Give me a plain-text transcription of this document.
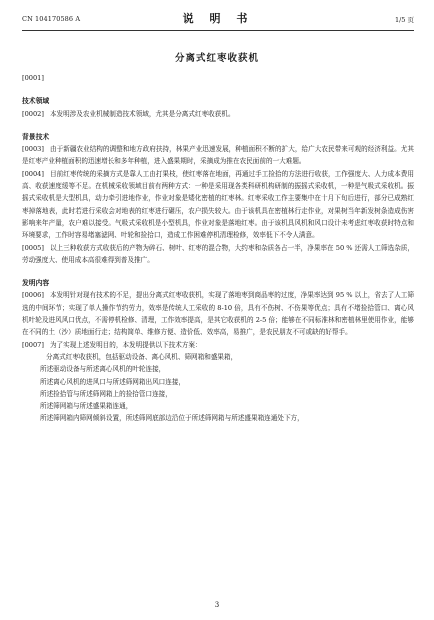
CN 104170586 A	说 明 书	1/5 页
分离式红枣收获机
[0001]
技术领域
[0002] 本发明涉及农业机械制造技术领域，尤其是分离式红枣收获机。
背景技术
[0003] 由于新疆农业结构的调整和地方政府扶持，林果产业迅速发展，种植面积不断的扩大，给广大农民带来可观的经济利益。尤其是红枣产业种植面积的迅速增长和多年种植，进入盛果期时，采摘成为推在农民面前的一大难题。
[0004] 目前红枣传统的采摘方式是靠人工由打果枝，使红枣落在地面，再通过手工捡拾的方法进行收获，工作强度大、人力成本费用高、收获速度缓等不足。在机械采收领域目前有两种方式：一种是采用现各类科研机构研制的振摇式采收机，一种是气吸式采收机。振摇式采收机是大型机具，动力牵引进地作业，作业对象是矮化密植的红枣林。红枣采收工作主要集中在十月下旬后进行，部分已成熟红枣掉落地表，此时若进行采收会对地表的红枣进行碾压，农户损失较大。由于该机具在密植林行走作业，对果树当年新发树条造成伤害影响来年产量，农户难以接受。气吸式采收机是小型机具，作业对象是落地红枣。由于该机具风机和风口设计未考虑红枣收获时特点和环境要求，工作时容易堵塞滤网、叶轮和捡拾口，造成工作困难停机清理检修，效率低下不令人满意。
[0005] 以上三种收获方式收获后的产物为碎石、树叶、红枣的混合物，大约枣和杂质各占一半，净果率在 50 % 还需人工筛选杂质，劳动强度大、使用成本高很难得到普及推广。
发明内容
[0006] 本发明针对现有技术的不足，提出分离式红枣收获机，实现了落地枣到商品枣的过度，净果率达到 95 % 以上，省去了人工筛选的中间环节；实现了单人操作节约劳力，效率是传统人工采收的 8-10 倍，具有不伤树、不伤果等优点；具有不堵捡拾管口、离心风机叶轮及进风风口优点，不需停机检修、清理，工作效率提高，是其它收获机的 2-5 倍；能够在不同标准林和密植林里使用作业，能够在不同的土（沙）质地面行走；结构简单、维修方便、造价低、效率高，易推广，是农民朋友不可或缺的好帮手。
[0007] 为了实现上述发明目的，本发明提供以下技术方案：
分离式红枣收获机，包括驱动设备、离心风机、筛网箱和盛果箱，
所述驱动设备与所述离心风机的叶轮连接，
所述离心风机的进风口与所述筛网箱出风口连接，
所述捡拾管与所述筛网箱上的捡拾管口连接，
所述筛网箱与所述盛果箱连通，
所述筛网箱内筛网倾斜设置，所述筛网底部边沿位于所述筛网箱与所述盛果箱连通处下方，
3
